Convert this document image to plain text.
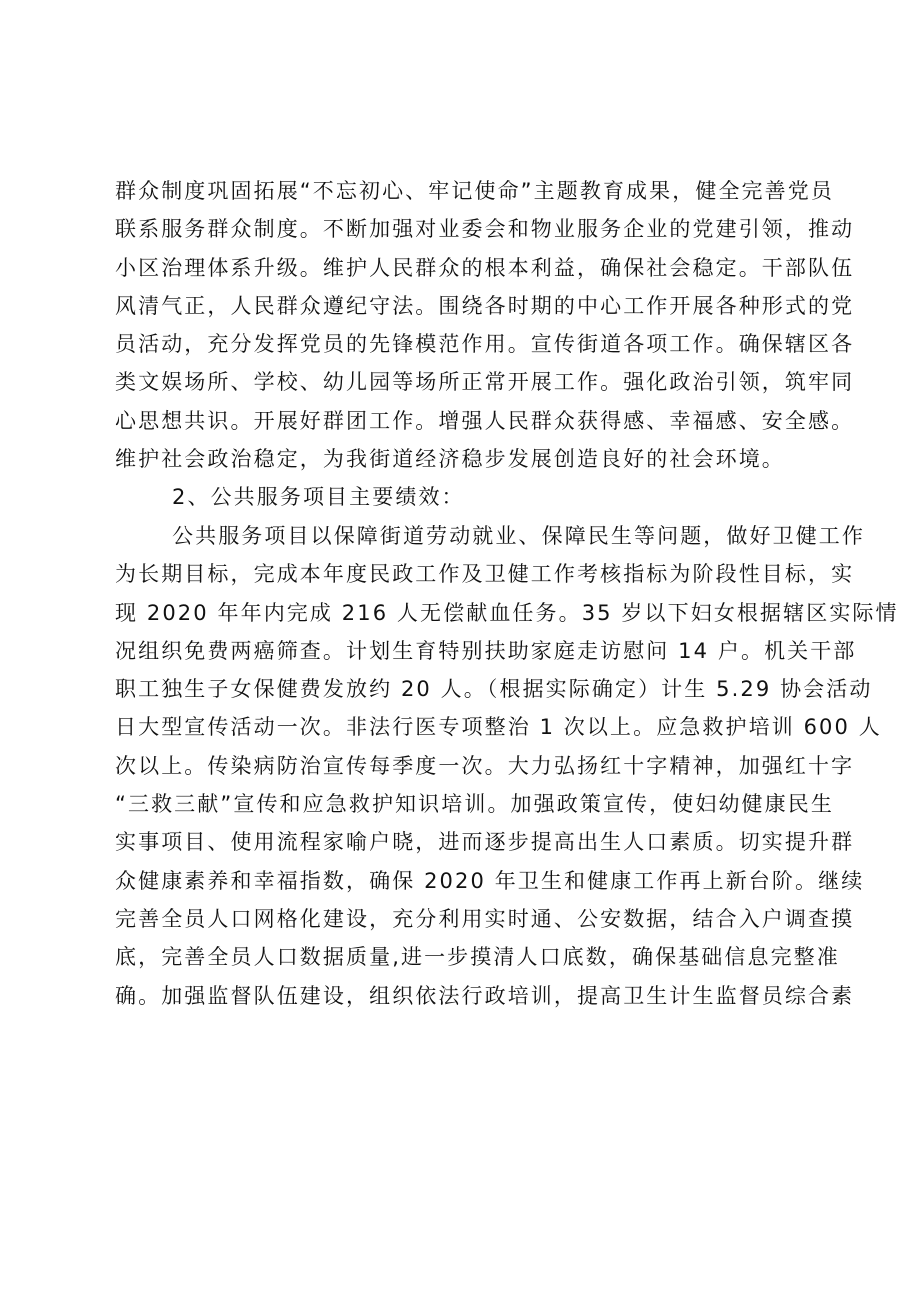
群众制度巩固拓展“不忘初心、牢记使命”主题教育成果，健全完善党员
联系服务群众制度。不断加强对业委会和物业服务企业的党建引领，推动
小区治理体系升级。维护人民群众的根本利益，确保社会稳定。干部队伍
风清气正，人民群众遵纪守法。围绕各时期的中心工作开展各种形式的党
员活动，充分发挥党员的先锋模范作用。宣传街道各项工作。确保辖区各
类文娱场所、学校、幼儿园等场所正常开展工作。强化政治引领，筑牢同
心思想共识。开展好群团工作。增强人民群众获得感、幸福感、安全感。
维护社会政治稳定，为我街道经济稳步发展创造良好的社会环境。
2、公共服务项目主要绩效：
公共服务项目以保障街道劳动就业、保障民生等问题，做好卫健工作
为长期目标，完成本年度民政工作及卫健工作考核指标为阶段性目标，实
现 2020 年年内完成 216 人无偿献血任务。35 岁以下妇女根据辖区实际情
况组织免费两癌筛查。计划生育特别扶助家庭走访慰问 14 户。机关干部
职工独生子女保健费发放约 20 人。（根据实际确定）计生 5.29 协会活动
日大型宣传活动一次。非法行医专项整治 1 次以上。应急救护培训 600 人
次以上。传染病防治宣传每季度一次。大力弘扬红十字精神，加强红十字
“三救三献”宣传和应急救护知识培训。加强政策宣传，使妇幼健康民生
实事项目、使用流程家喻户晓，进而逐步提高出生人口素质。切实提升群
众健康素养和幸福指数，确保 2020 年卫生和健康工作再上新台阶。继续
完善全员人口网格化建设，充分利用实时通、公安数据，结合入户调查摸
底，完善全员人口数据质量,进一步摸清人口底数，确保基础信息完整准
确。加强监督队伍建设，组织依法行政培训，提高卫生计生监督员综合素
